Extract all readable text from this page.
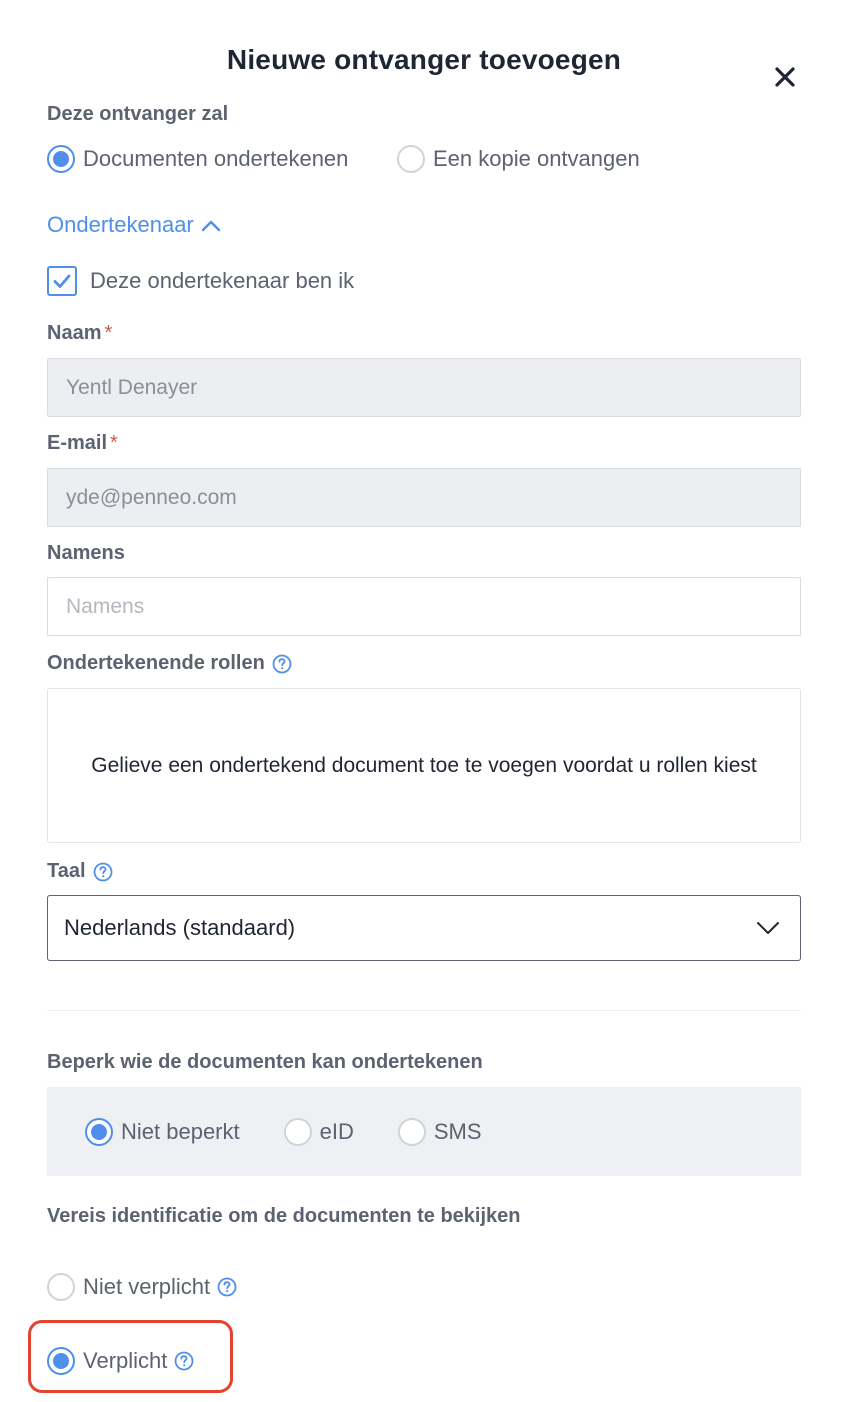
Nieuwe ontvanger toevoegen
Deze ontvanger zal
Documenten ondertekenen	Een kopie ontvangen
Ondertekenaar
Deze ondertekenaar ben ik
Naam *
Yentl Denayer
E-mail *
yde@penneo.com
Namens
Namens
Ondertekenende rollen
Gelieve een ondertekend document toe te voegen voordat u rollen kiest
Taal
Nederlands (standaard)
Beperk wie de documenten kan ondertekenen
Niet beperkt	eID	SMS
Vereis identificatie om de documenten te bekijken
Niet verplicht
Verplicht
